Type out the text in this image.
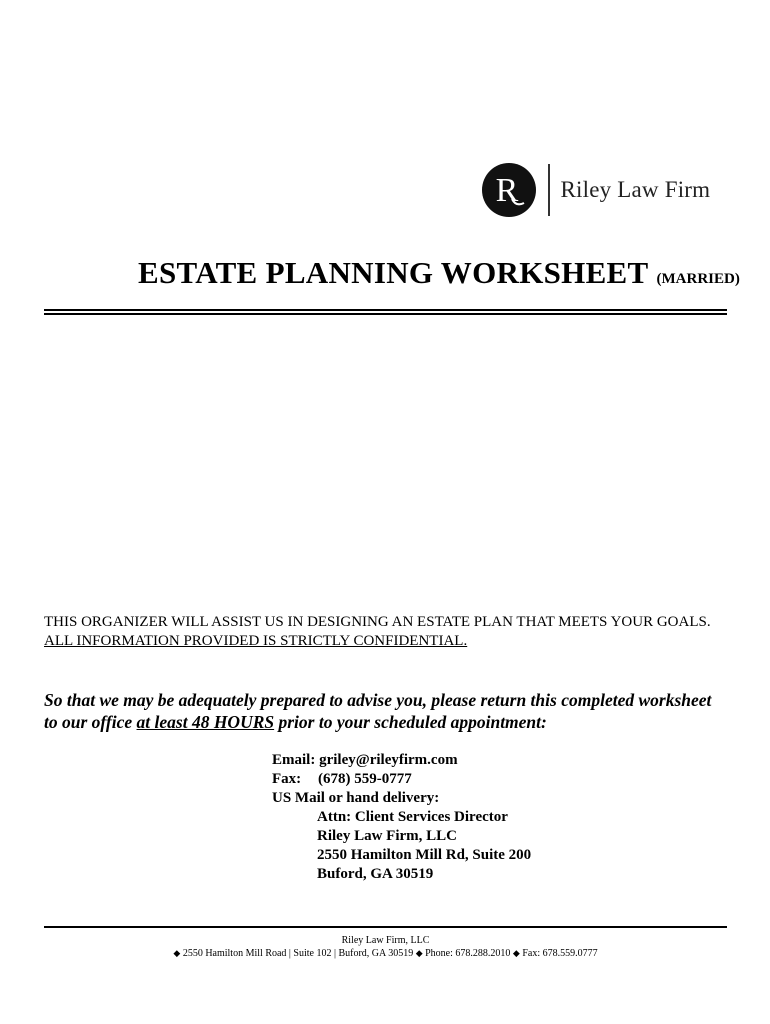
R Riley Law Firm
ESTATE PLANNING WORKSHEET (MARRIED)
THIS ORGANIZER WILL ASSIST US IN DESIGNING AN ESTATE PLAN THAT MEETS YOUR GOALS.
ALL INFORMATION PROVIDED IS STRICTLY CONFIDENTIAL.
So that we may be adequately prepared to advise you, please return this completed worksheet
to our office at least 48 HOURS prior to your scheduled appointment:
Email: griley@rileyfirm.com
Fax: (678) 559-0777
US Mail or hand delivery:
Attn: Client Services Director
Riley Law Firm, LLC
2550 Hamilton Mill Rd, Suite 200
Buford, GA 30519
Riley Law Firm, LLC
◆ 2550 Hamilton Mill Road | Suite 102 | Buford, GA 30519 ◆ Phone: 678.288.2010 ◆ Fax: 678.559.0777
